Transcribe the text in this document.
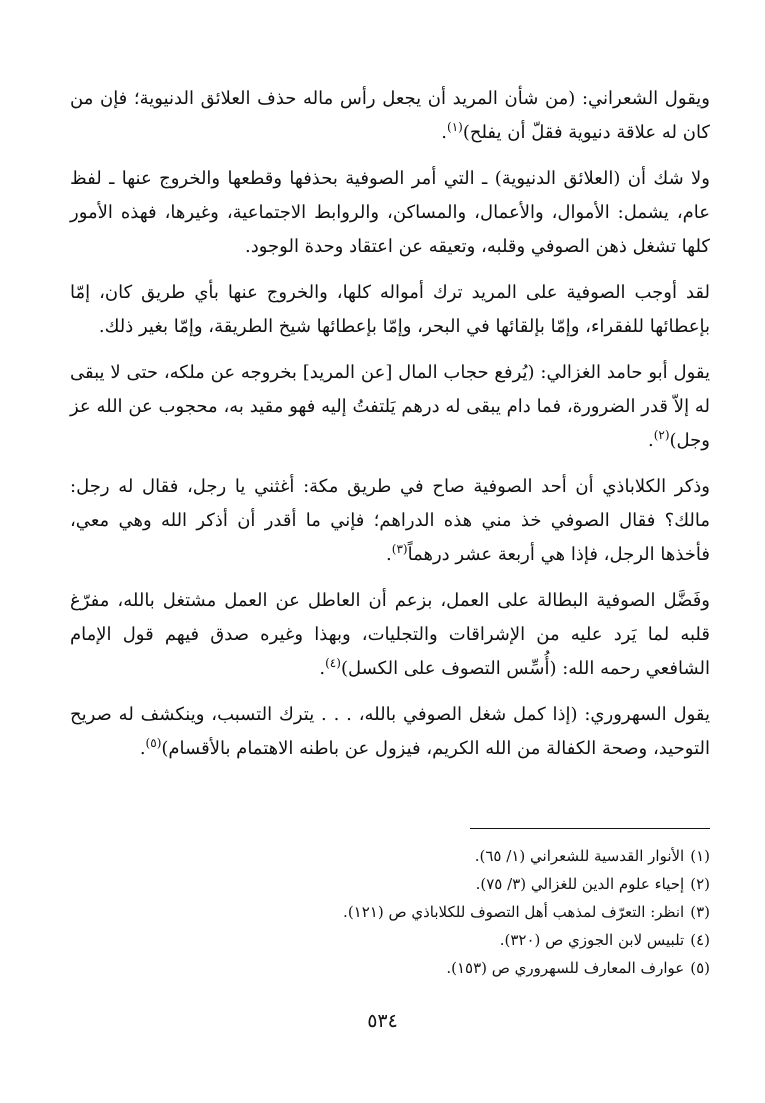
ويقول الشعراني: (من شأن المريد أن يجعل رأس ماله حذف العلائق الدنيوية؛ فإن من كان له علاقة دنيوية فقلّ أن يفلح)$^{(١)}$.

ولا شك أن (العلائق الدنيوية) ـ التي أمر الصوفية بحذفها وقطعها والخروج عنها ـ لفظ عام، يشمل: الأموال، والأعمال، والمساكن، والروابط الاجتماعية، وغيرها، فهذه الأمور كلها تشغل ذهن الصوفي وقلبه، وتعيقه عن اعتقاد وحدة الوجود.

لقد أوجب الصوفية على المريد ترك أمواله كلها، والخروج عنها بأي طريق كان، إمّا بإعطائها للفقراء، وإمّا بإلقائها في البحر، وإمّا بإعطائها شيخ الطريقة، وإمّا بغير ذلك.

يقول أبو حامد الغزالي: (يُرفع حجاب المال [عن المريد] بخروجه عن ملكه، حتى لا يبقى له إلاّ قدر الضرورة، فما دام يبقى له درهم يَلتفتُ إليه فهو مقيد به، محجوب عن الله عز وجل)$^{(٢)}$.

وذكر الكلاباذي أن أحد الصوفية صاح في طريق مكة: أغثني يا رجل، فقال له رجل: مالك؟ فقال الصوفي خذ مني هذه الدراهم؛ فإني ما أقدر أن أذكر الله وهي معي، فأخذها الرجل، فإذا هي أربعة عشر درهماً$^{(٣)}$.

وفَضَّل الصوفية البطالة على العمل، بزعم أن العاطل عن العمل مشتغل بالله، مفرّغ قلبه لما يَرد عليه من الإشراقات والتجليات، وبهذا وغيره صدق فيهم قول الإمام الشافعي رحمه الله: (أُسِّس التصوف على الكسل)$^{(٤)}$.

يقول السهروري: (إذا كمل شغل الصوفي بالله، . . . يترك التسبب، وينكشف له صريح التوحيد، وصحة الكفالة من الله الكريم، فيزول عن باطنه الاهتمام بالأقسام)$^{(٥)}$.

(١)الأنوار القدسية للشعراني (١/ ٦٥).
(٢)إحياء علوم الدين للغزالي (٣/ ٧٥).
(٣)انظر: التعرّف لمذهب أهل التصوف للكلاباذي ص (١٢١).
(٤)تلبيس لابن الجوزي ص (٣٢٠).
(٥)عوارف المعارف للسهروري ص (١٥٣).
٥٣٤
